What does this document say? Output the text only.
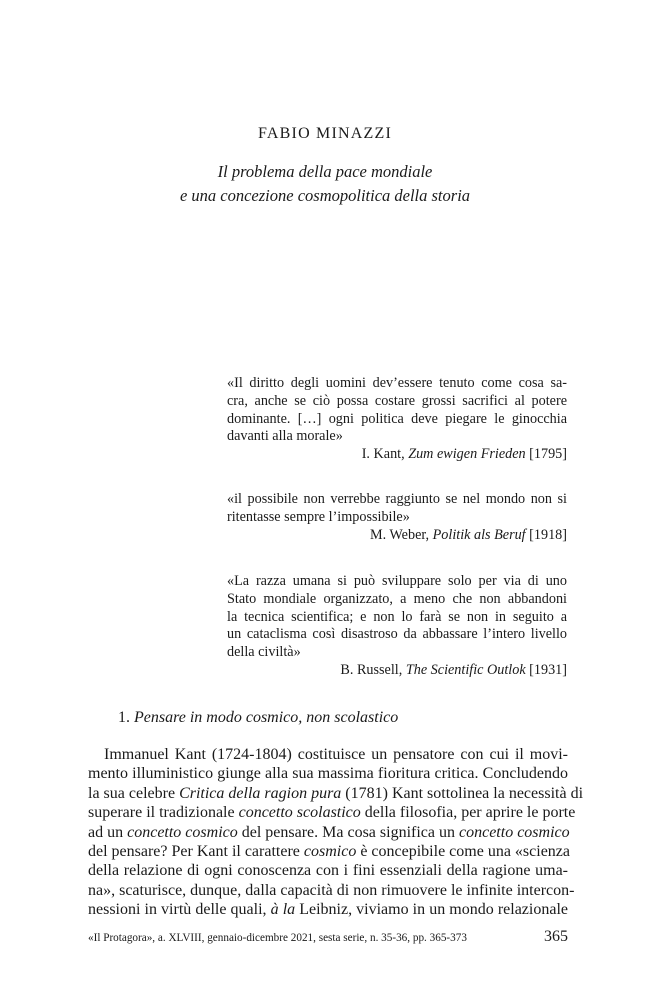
FABIO MINAZZI
Il problema della pace mondiale
e una concezione cosmopolitica della storia
«Il diritto degli uomini dev’essere tenuto come cosa sa-
cra, anche se ciò possa costare grossi sacrifici al potere
dominante. […] ogni politica deve piegare le ginocchia
davanti alla morale»
I. Kant, Zum ewigen Frieden [1795]
«il possibile non verrebbe raggiunto se nel mondo non si
ritentasse sempre l’impossibile»
M. Weber, Politik als Beruf [1918]
«La razza umana si può sviluppare solo per via di uno
Stato mondiale organizzato, a meno che non abbandoni
la tecnica scientifica; e non lo farà se non in seguito a
un cataclisma così disastroso da abbassare l’intero livello
della civiltà»
B. Russell, The Scientific Outlok [1931]
1. Pensare in modo cosmico, non scolastico
Immanuel Kant (1724-1804) costituisce un pensatore con cui il movi-
mento illuministico giunge alla sua massima fioritura critica. Concludendo
la sua celebre Critica della ragion pura (1781) Kant sottolinea la necessità di
superare il tradizionale concetto scolastico della filosofia, per aprire le porte
ad un concetto cosmico del pensare. Ma cosa significa un concetto cosmico
del pensare? Per Kant il carattere cosmico è concepibile come una «scienza
della relazione di ogni conoscenza con i fini essenziali della ragione uma-
na», scaturisce, dunque, dalla capacità di non rimuovere le infinite intercon-
nessioni in virtù delle quali, à la Leibniz, viviamo in un mondo relazionale
«Il Protagora», a. XLVIII, gennaio-dicembre 2021, sesta serie, n. 35-36, pp. 365-373	365
